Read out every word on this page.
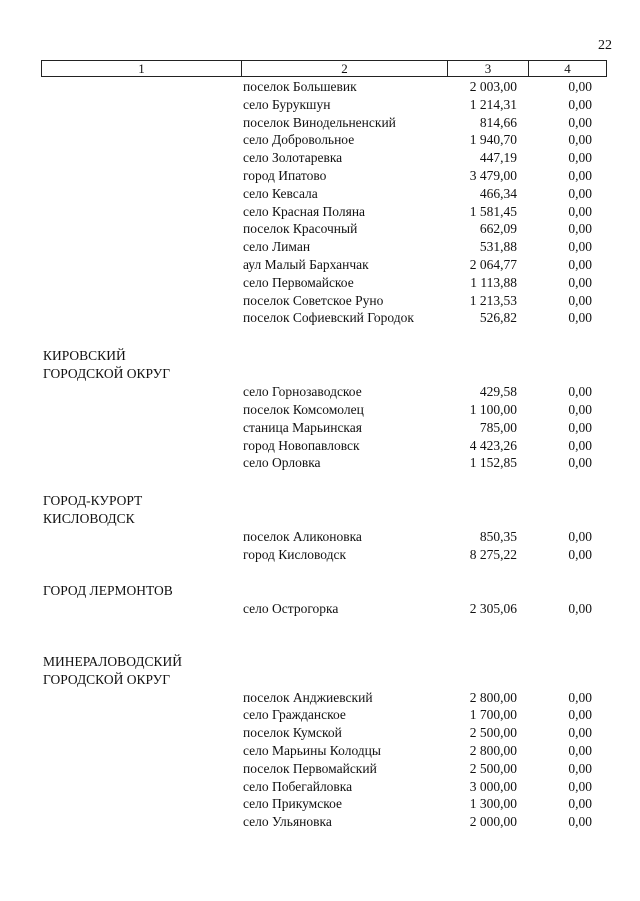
22
1	2	3	4
поселок Большевик	2 003,00	0,00
село Бурукшун	1 214,31	0,00
поселок Винодельненский	814,66	0,00
село Добровольное	1 940,70	0,00
село Золотаревка	447,19	0,00
город Ипатово	3 479,00	0,00
село Кевсала	466,34	0,00
село Красная Поляна	1 581,45	0,00
поселок Красочный	662,09	0,00
село Лиман	531,88	0,00
аул Малый Барханчак	2 064,77	0,00
село Первомайское	1 113,88	0,00
поселок Советское Руно	1 213,53	0,00
поселок Софиевский Городок	526,82	0,00
КИРОВСКИЙ
ГОРОДСКОЙ ОКРУГ
село Горнозаводское	429,58	0,00
поселок Комсомолец	1 100,00	0,00
станица Марьинская	785,00	0,00
город Новопавловск	4 423,26	0,00
село Орловка	1 152,85	0,00
ГОРОД-КУРОРТ
КИСЛОВОДСК
поселок Аликоновка	850,35	0,00
город Кисловодск	8 275,22	0,00
ГОРОД ЛЕРМОНТОВ
село Острогорка	2 305,06	0,00
МИНЕРАЛОВОДСКИЙ
ГОРОДСКОЙ ОКРУГ
поселок Анджиевский	2 800,00	0,00
село Гражданское	1 700,00	0,00
поселок Кумской	2 500,00	0,00
село Марьины Колодцы	2 800,00	0,00
поселок Первомайский	2 500,00	0,00
село Побегайловка	3 000,00	0,00
село Прикумское	1 300,00	0,00
село Ульяновка	2 000,00	0,00
